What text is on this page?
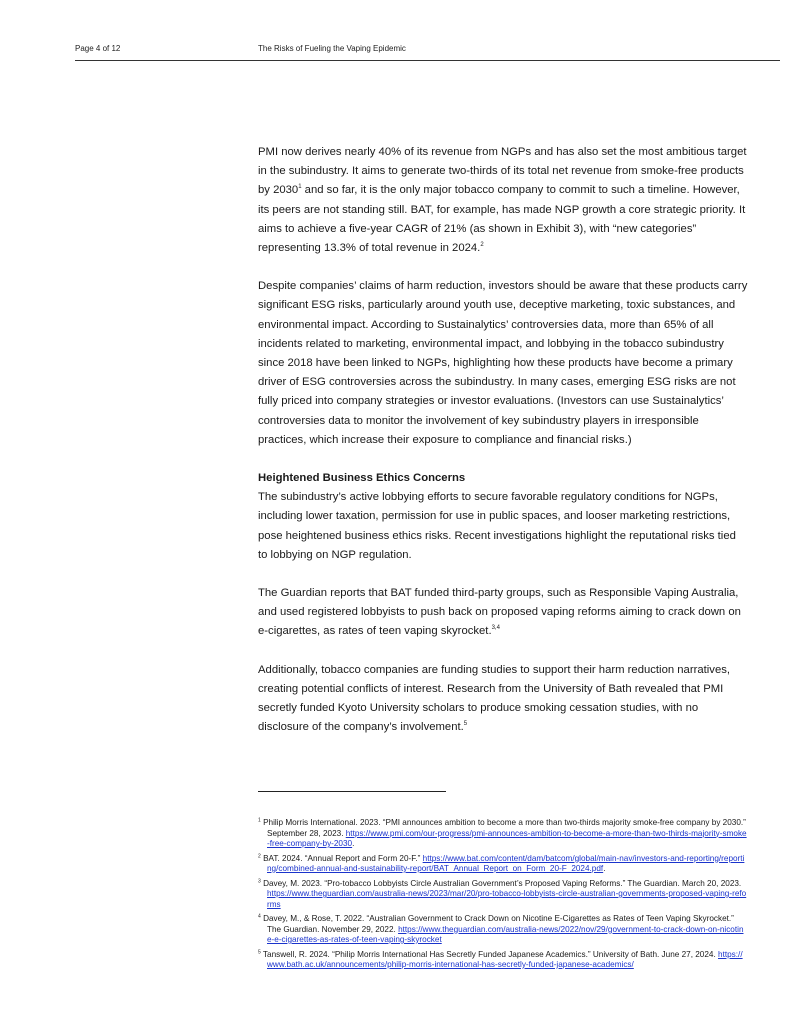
Page 4 of 12	The Risks of Fueling the Vaping Epidemic

PMI now derives nearly 40% of its revenue from NGPs and has also set the most ambitious target in the subindustry. It aims to generate two-thirds of its total net revenue from smoke-free products by 2030$^1$ and so far, it is the only major tobacco company to commit to such a timeline. However, its peers are not standing still. BAT, for example, has made NGP growth a core strategic priority. It aims to achieve a five-year CAGR of 21% (as shown in Exhibit 3), with “new categories” representing 13.3% of total revenue in 2024.$^2$

Despite companies’ claims of harm reduction, investors should be aware that these products carry significant ESG risks, particularly around youth use, deceptive marketing, toxic substances, and environmental impact. According to Sustainalytics’ controversies data, more than 65% of all incidents related to marketing, environmental impact, and lobbying in the tobacco subindustry since 2018 have been linked to NGPs, highlighting how these products have become a primary driver of ESG controversies across the subindustry. In many cases, emerging ESG risks are not fully priced into company strategies or investor evaluations. (Investors can use Sustainalytics’ controversies data to monitor the involvement of key subindustry players in irresponsible practices, which increase their exposure to compliance and financial risks.)

Heightened Business Ethics Concerns

The subindustry’s active lobbying efforts to secure favorable regulatory conditions for NGPs, including lower taxation, permission for use in public spaces, and looser marketing restrictions, pose heightened business ethics risks. Recent investigations highlight the reputational risks tied to lobbying on NGP regulation.

The Guardian reports that BAT funded third-party groups, such as Responsible Vaping Australia, and used registered lobbyists to push back on proposed vaping reforms aiming to crack down on e-cigarettes, as rates of teen vaping skyrocket.$^{3,4}$

Additionally, tobacco companies are funding studies to support their harm reduction narratives, creating potential conflicts of interest. Research from the University of Bath revealed that PMI secretly funded Kyoto University scholars to produce smoking cessation studies, with no disclosure of the company’s involvement.$^5$

$^1$ Philip Morris International. 2023. “PMI announces ambition to become a more than two-thirds majority smoke-free company by 2030.” September 28, 2023. https://www.pmi.com/our-progress/pmi-announces-ambition-to-become-a-more-than-two-thirds-majority-smoke-free-company-by-2030.
$^2$ BAT. 2024. “Annual Report and Form 20-F.” https://www.bat.com/content/dam/batcom/global/main-nav/investors-and-reporting/reporting/combined-annual-and-sustainability-report/BAT_Annual_Report_on_Form_20-F_2024.pdf.
$^3$ Davey, M. 2023. “Pro-tobacco Lobbyists Circle Australian Government’s Proposed Vaping Reforms.” The Guardian. March 20, 2023. https://www.theguardian.com/australia-news/2023/mar/20/pro-tobacco-lobbyists-circle-australian-governments-proposed-vaping-reforms
$^4$ Davey, M., & Rose, T. 2022. “Australian Government to Crack Down on Nicotine E-Cigarettes as Rates of Teen Vaping Skyrocket.” The Guardian. November 29, 2022. https://www.theguardian.com/australia-news/2022/nov/29/government-to-crack-down-on-nicotine-e-cigarettes-as-rates-of-teen-vaping-skyrocket
$^5$ Tanswell, R. 2024. “Philip Morris International Has Secretly Funded Japanese Academics.” University of Bath. June 27, 2024. https://www.bath.ac.uk/announcements/philip-morris-international-has-secretly-funded-japanese-academics/
